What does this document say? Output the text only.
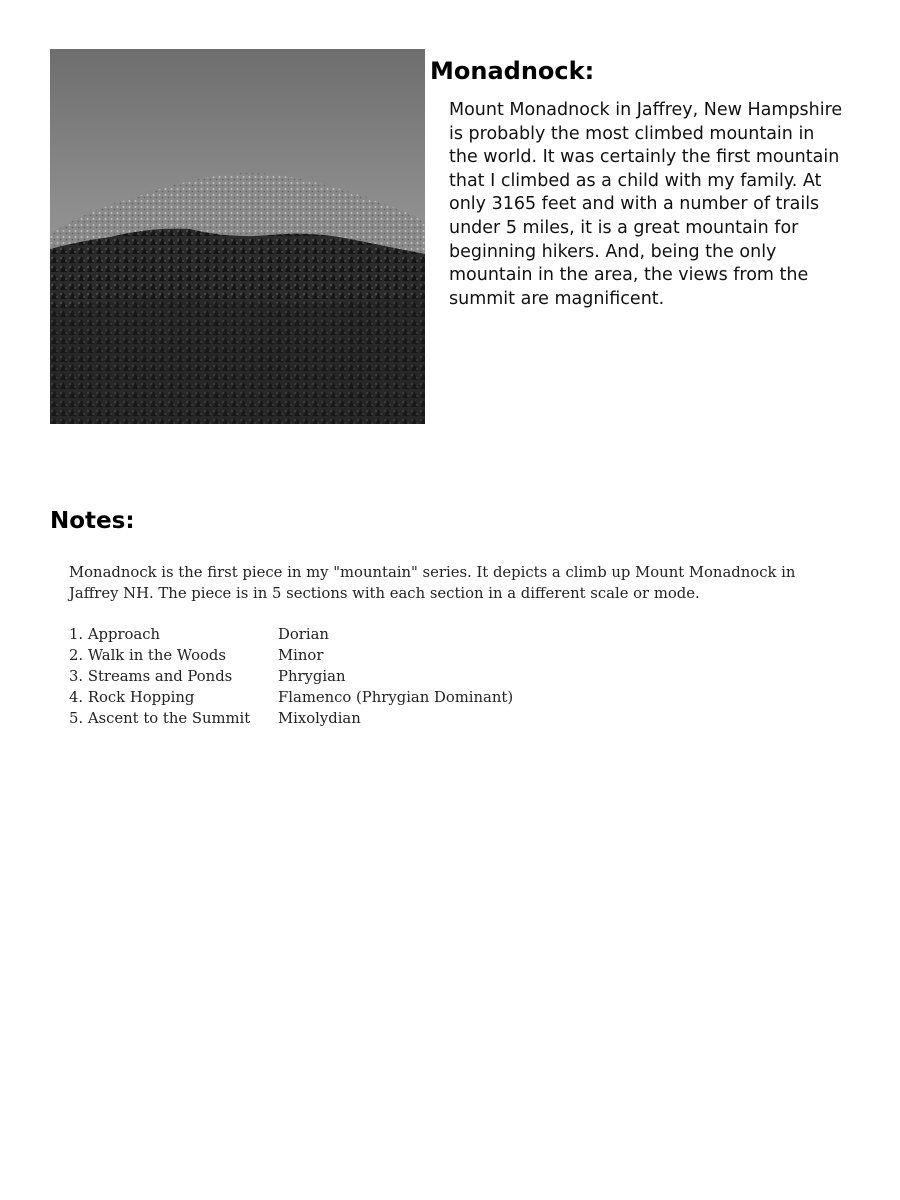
Monadnock:

Mount Monadnock in Jaffrey, New Hampshire is probably the most climbed mountain in the world. It was certainly the first mountain that I climbed as a child with my family. At only 3165 feet and with a number of trails under 5 miles, it is a great mountain for beginning hikers. And, being the only mountain in the area, the views from the summit are magnificent.

Notes:

Monadnock is the first piece in my "mountain" series. It depicts a climb up Mount Monadnock in Jaffrey NH. The piece is in 5 sections with each section in a different scale or mode.

1. Approach	Dorian
2. Walk in the Woods	Minor
3. Streams and Ponds	Phrygian
4. Rock Hopping	Flamenco (Phrygian Dominant)
5. Ascent to the Summit	Mixolydian
